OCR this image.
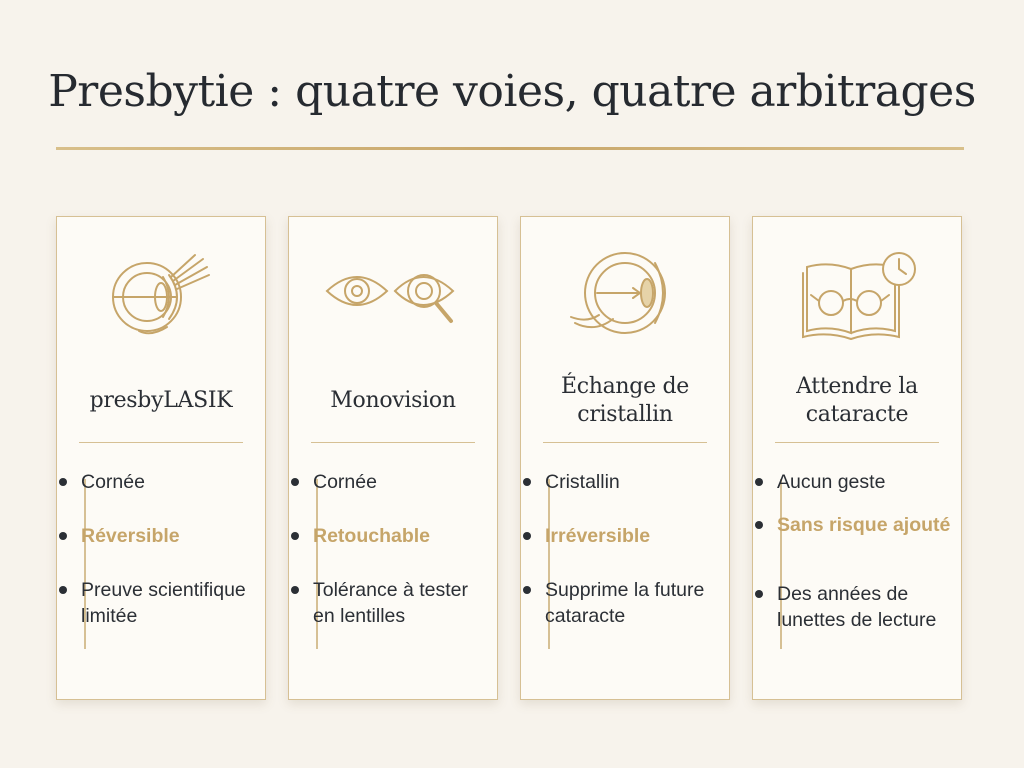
Presbytie : quatre voies, quatre arbitrages
presbyLASIK
Cornée
Réversible
Preuve scientifique limitée
Monovision
Cornée
Retouchable
Tolérance à tester en lentilles
Échange de cristallin
Cristallin
Irréversible
Supprime la future cataracte
Attendre la cataracte
Aucun geste
Sans risque ajouté
Des années de lunettes de lecture
